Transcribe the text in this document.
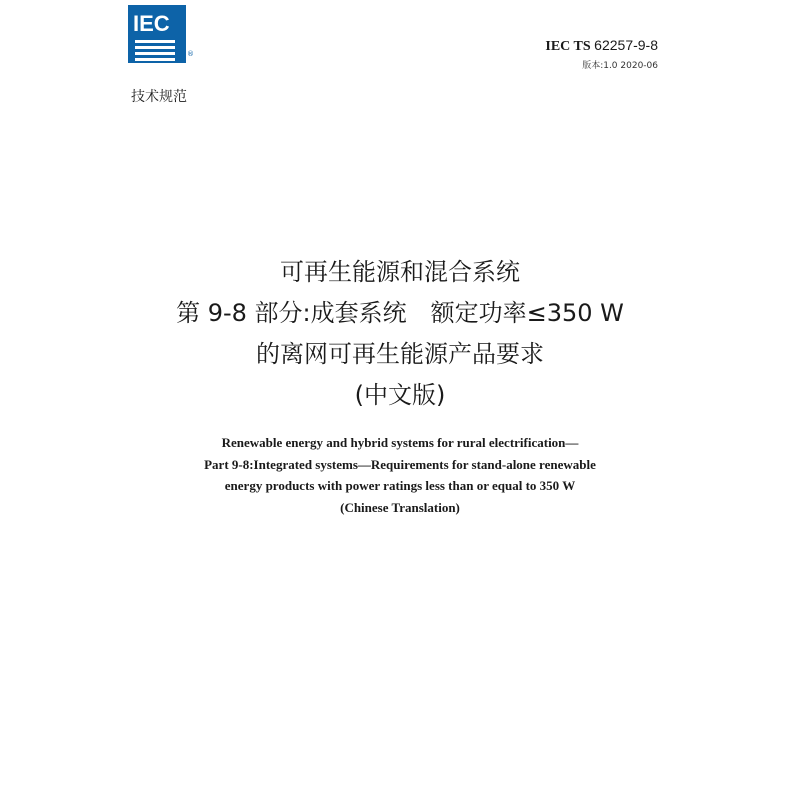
IEC
®
技术规范
IEC TS 62257-9-8
版本:1.0 2020-06
可再生能源和混合系统
第 9-8 部分:成套系统　额定功率≤350 W
的离网可再生能源产品要求
(中文版)
Renewable energy and hybrid systems for rural electrification—
Part 9-8:Integrated systems—Requirements for stand-alone renewable
energy products with power ratings less than or equal to 350 W
(Chinese Translation)
